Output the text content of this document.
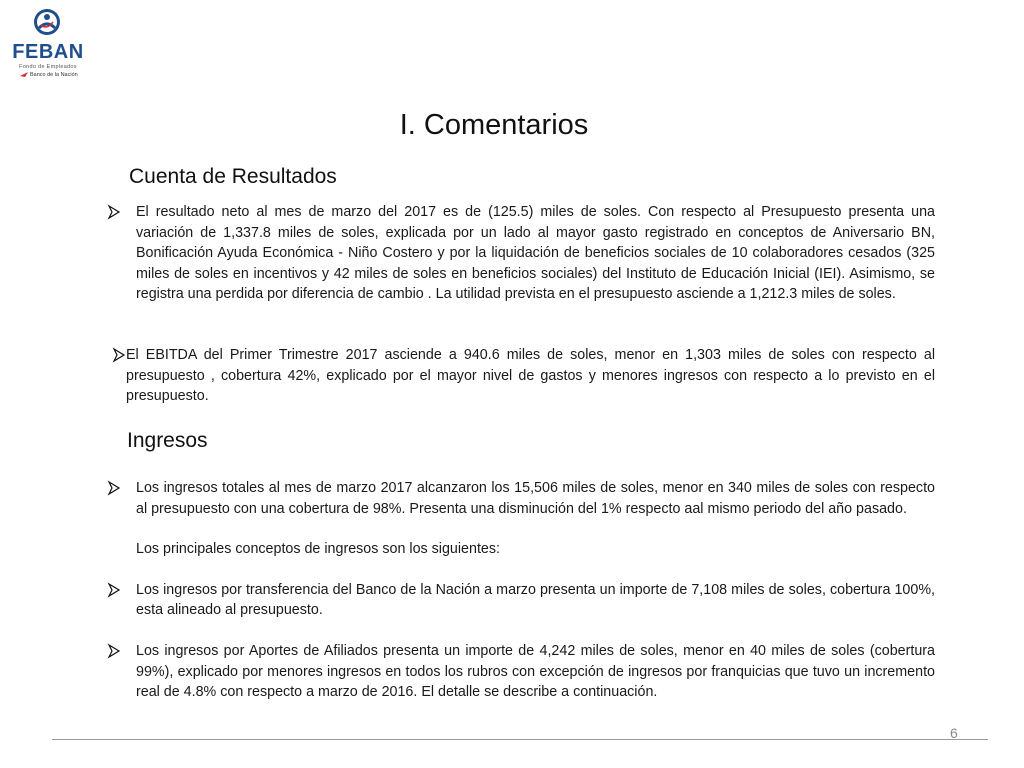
FEBAN
Fondo de Empleados
Banco de la Nación
I. Comentarios
Cuenta de Resultados

El resultado neto al mes de marzo del 2017 es de (125.5) miles de soles. Con respecto al Presupuesto presenta una variación de 1,337.8 miles de soles, explicada por un lado al mayor gasto registrado en conceptos de Aniversario BN, Bonificación Ayuda Económica - Niño Costero y por la liquidación de beneficios sociales de 10 colaboradores cesados (325 miles de soles en incentivos y 42 miles de soles en beneficios sociales) del Instituto de Educación Inicial (IEI). Asimismo, se registra una perdida por diferencia de cambio . La utilidad prevista en el presupuesto asciende a 1,212.3 miles de soles.

El EBITDA del Primer Trimestre 2017 asciende a 940.6 miles de soles, menor en 1,303 miles de soles con respecto al presupuesto , cobertura 42%, explicado por el mayor nivel de gastos y menores ingresos con respecto a lo previsto en el presupuesto.

Ingresos

Los ingresos totales al mes de marzo 2017 alcanzaron los 15,506 miles de soles, menor en 340 miles de soles con respecto al presupuesto con una cobertura de 98%. Presenta una disminución del 1% respecto aal mismo periodo del año pasado.

Los principales conceptos de ingresos son los siguientes:

Los ingresos por transferencia del Banco de la Nación a marzo presenta un importe de 7,108 miles de soles, cobertura 100%, esta alineado al presupuesto.

Los ingresos por Aportes de Afiliados presenta un importe de 4,242 miles de soles, menor en 40 miles de soles (cobertura 99%), explicado por menores ingresos en todos los rubros con excepción de ingresos por franquicias que tuvo un incremento real de 4.8% con respecto a marzo de 2016. El detalle se describe a continuación.

6
